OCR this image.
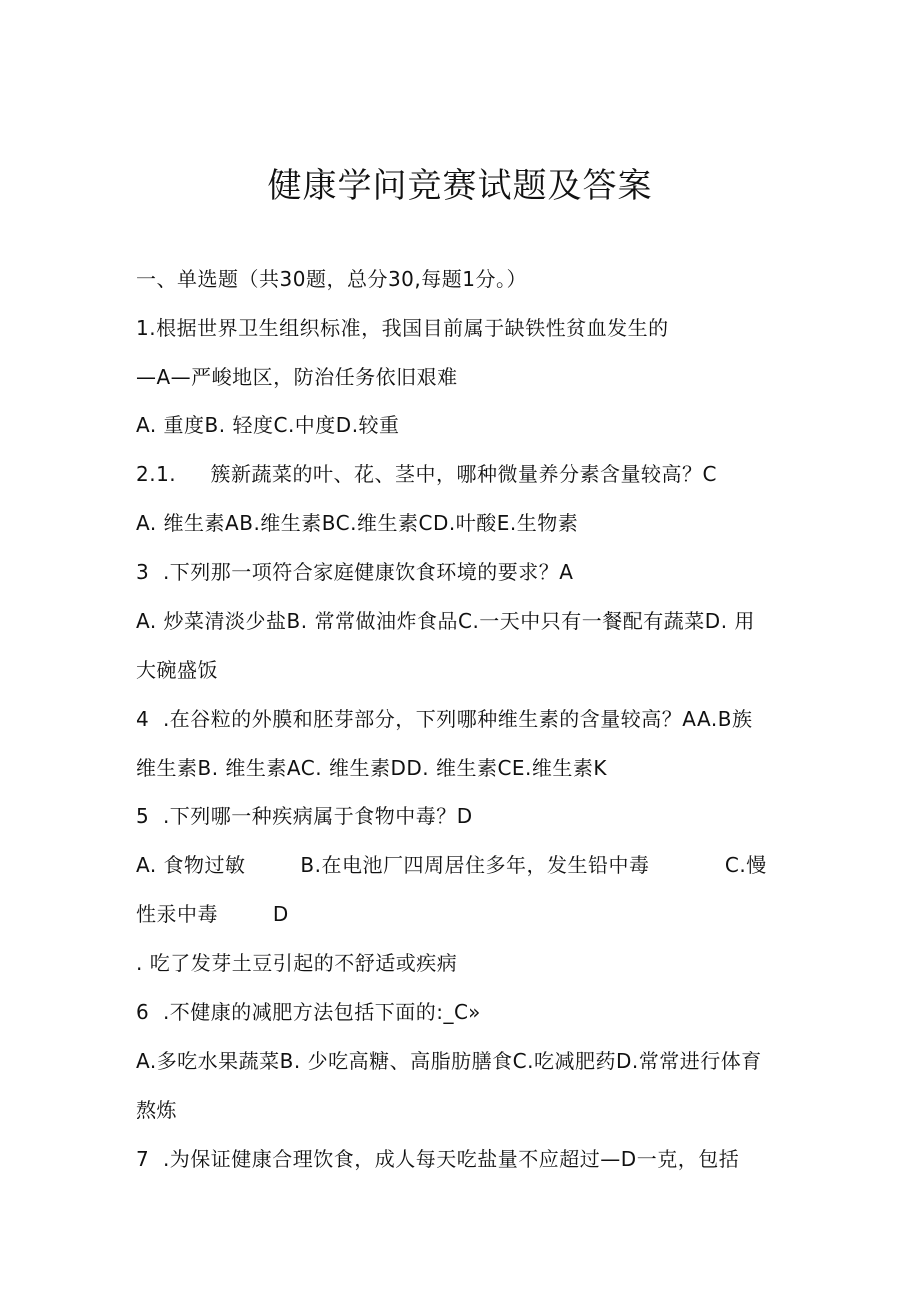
健康学问竞赛试题及答案
一、单选题（共30题，总分30,每题1分。）
1.根据世界卫生组织标准，我国目前属于缺铁性贫血发生的
—A—严峻地区，防治任务依旧艰难
A. 重度B. 轻度C.中度D.较重
2.1.     簇新蔬菜的叶、花、茎中，哪种微量养分素含量较高？C
A. 维生素AB.维生素BC.维生素CD.叶酸E.生物素
3  .下列那一项符合家庭健康饮食环境的要求？A
A. 炒菜清淡少盐B. 常常做油炸食品C.一天中只有一餐配有蔬菜D. 用
大碗盛饭
4  .在谷粒的外膜和胚芽部分，下列哪种维生素的含量较高？AA.B族
维生素B. 维生素AC. 维生素DD. 维生素CE.维生素K
5  .下列哪一种疾病属于食物中毒？D
A. 食物过敏        B.在电池厂四周居住多年，发生铅中毒           C.慢
性汞中毒        D
. 吃了发芽土豆引起的不舒适或疾病
6  .不健康的减肥方法包括下面的:_C»
A.多吃水果蔬菜B. 少吃高糖、高脂肪膳食C.吃减肥药D.常常进行体育
熬炼
7  .为保证健康合理饮食，成人每天吃盐量不应超过—D一克，包括
